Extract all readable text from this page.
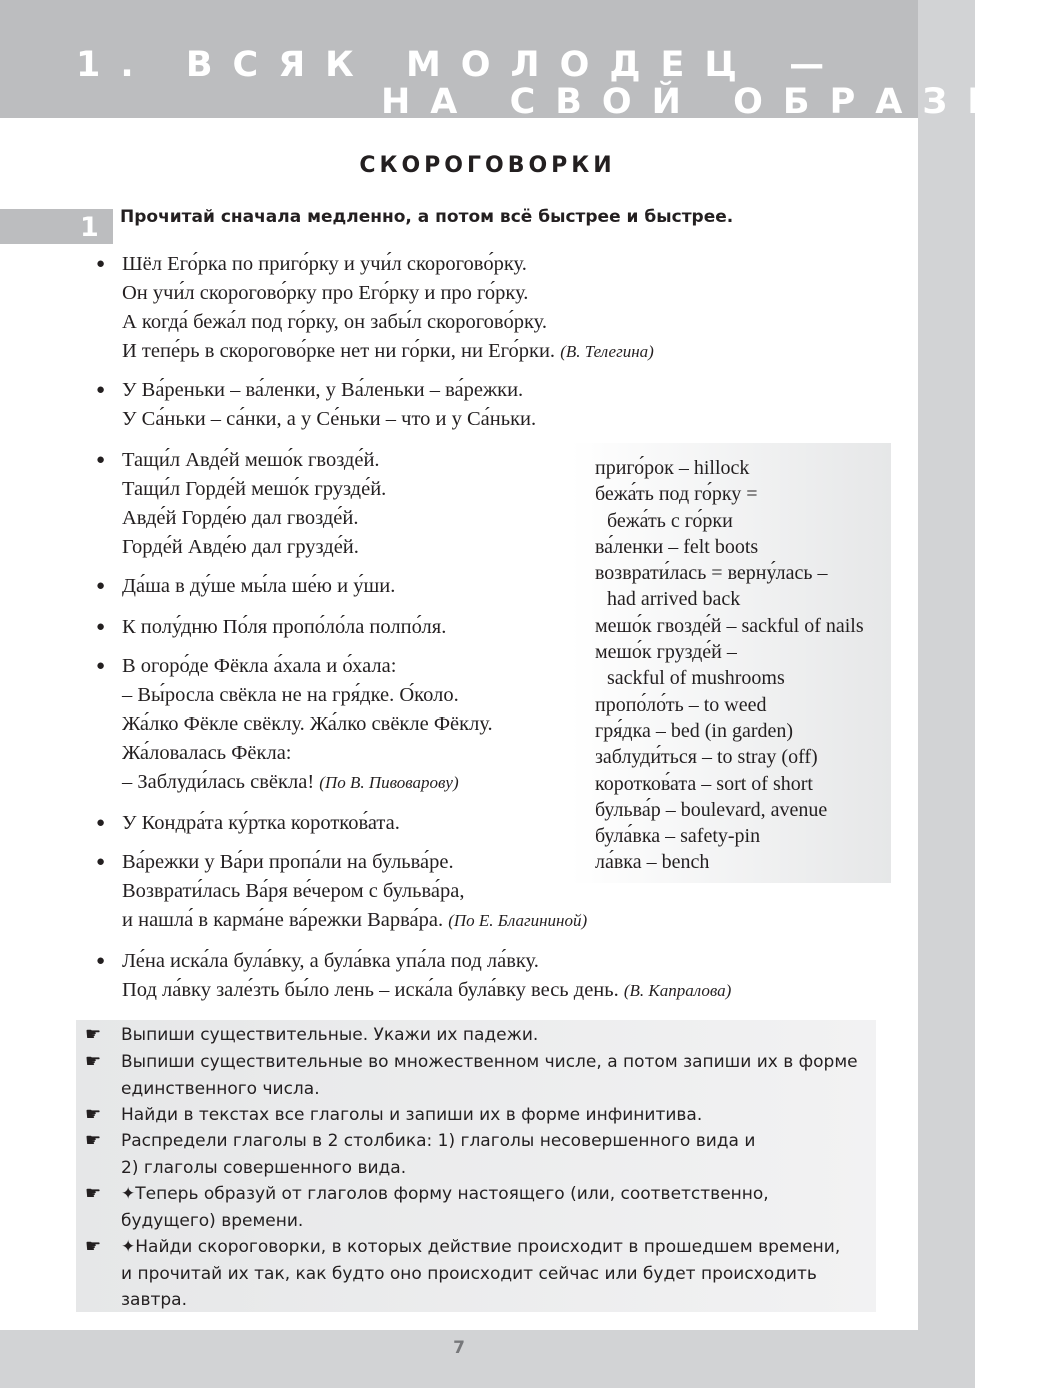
1. ВСЯК МОЛОДЕЦ —
НА СВОЙ ОБРАЗЕЦ
СКОРОГОВОРКИ
1 Прочитай сначала медленно, а потом всё быстрее и быстрее.
● Шёл Его́рка по приго́рку и учи́л скорогово́рку.
Он учи́л скорогово́рку про Его́рку и про го́рку.
А когда́ бежа́л под го́рку, он забы́л скорогово́рку.
И тепе́рь в скорогово́рке нет ни го́рки, ни Его́рки. (В. Телегина)
● У Ва́реньки – ва́ленки, у Ва́леньки – ва́режки.
У Са́ньки – са́нки, а у Се́ньки – что и у Са́ньки.
● Тащи́л Авде́й мешо́к гвозде́й.
Тащи́л Горде́й мешо́к грузде́й.
Авде́й Горде́ю дал гвозде́й.
Горде́й Авде́ю дал грузде́й.
● Да́ша в ду́ше мы́ла ше́ю и у́ши.
● К полу́дню По́ля пропо́ло́ла полпо́ля.
● В огоро́де Фёкла а́хала и о́хала:
– Вы́росла свёкла не на гря́дке. О́коло.
Жа́лко Фёкле свёклу. Жа́лко свёкле Фёклу.
Жа́ловалась Фёкла:
– Заблуди́лась свёкла! (По В. Пивоварову)
● У Кондра́та ку́ртка коротков́ата.
● Ва́режки у Ва́ри пропа́ли на бульва́ре.
Возврати́лась Ва́ря ве́чером с бульва́ра,
и нашла́ в карма́не ва́режки Варва́ра. (По Е. Благининой)
● Ле́на иска́ла була́вку, а була́вка упа́ла под ла́вку.
Под ла́вку зале́зть бы́ло лень – иска́ла була́вку весь день. (В. Капралова)
приго́рок – hillock
бежа́ть под го́рку =
бежа́ть с го́рки
ва́ленки – felt boots
возврати́лась = верну́лась –
had arrived back
мешо́к гвозде́й – sackful of nails
мешо́к грузде́й –
sackful of mushrooms
пропо́ло́ть – to weed
гря́дка – bed (in garden)
заблуди́ться – to stray (off)
коротков́ата – sort of short
бульва́р – boulevard, avenue
була́вка – safety-pin
ла́вка – bench
☛ Выпиши существительные. Укажи их падежи.
☛ Выпиши существительные во множественном числе, а потом запиши их в форме
единственного числа.
☛ Найди в текстах все глаголы и запиши их в форме инфинитива.
☛ Распредели глаголы в 2 столбика: 1) глаголы несовершенного вида и
2) глаголы совершенного вида.
☛ ✦Теперь образуй от глаголов форму настоящего (или, соответственно,
будущего) времени.
☛ ✦Найди скороговорки, в которых действие происходит в прошедшем времени,
и прочитай их так, как будто оно происходит сейчас или будет происходить
завтра.
7
